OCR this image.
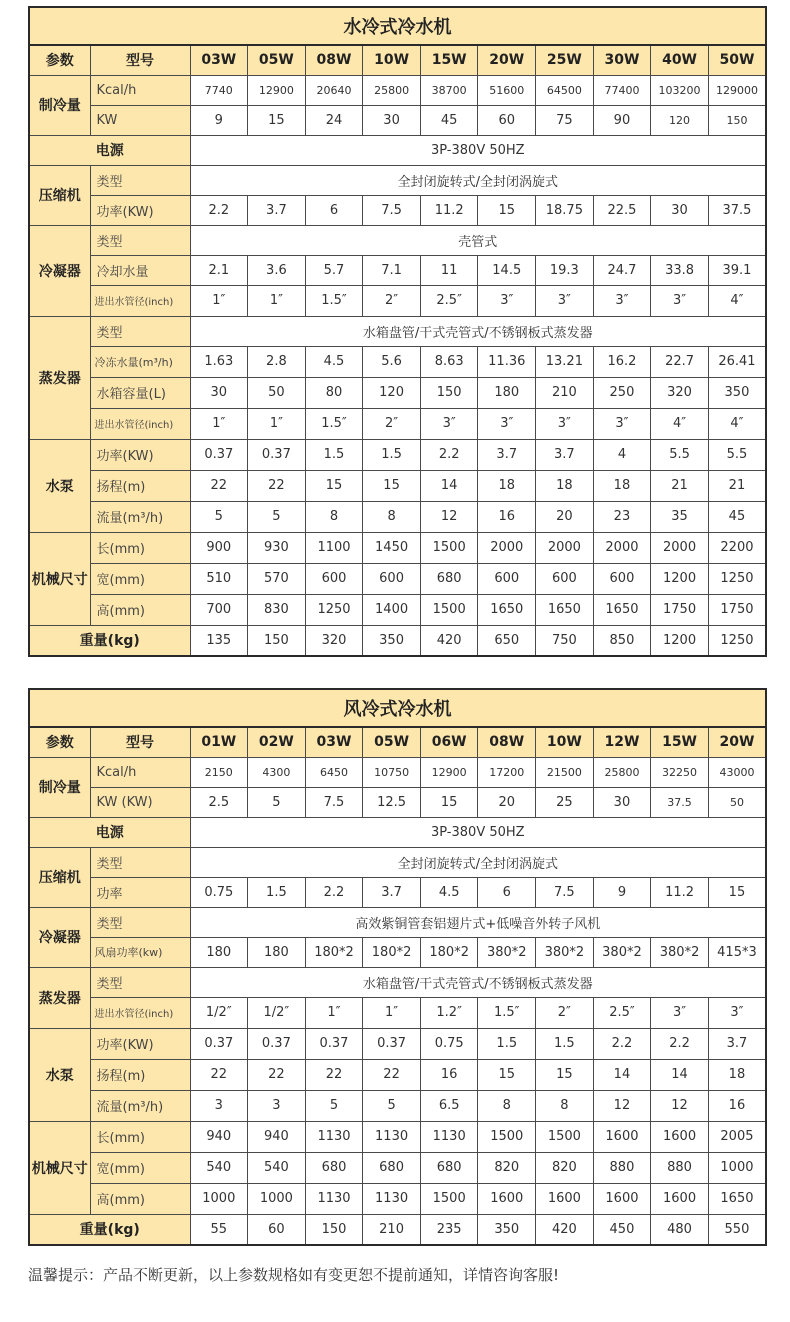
水冷式冷水机											
参数	型号	03W	05W	08W	10W	15W	20W	25W	30W	40W	50W
制冷量	Kcal/h	7740	12900	20640	25800	38700	51600	64500	77400	103200	129000
	KW	9	15	24	30	45	60	75	90	120	150
电源		3P-380V 50HZ									
压缩机	类型	全封闭旋转式/全封闭涡旋式									
	功率(KW)	2.2	3.7	6	7.5	11.2	15	18.75	22.5	30	37.5
冷凝器	类型	壳管式									
	冷却水量	2.1	3.6	5.7	7.1	11	14.5	19.3	24.7	33.8	39.1
	进出水管径(inch)	1″	1″	1.5″	2″	2.5″	3″	3″	3″	3″	4″
蒸发器	类型	水箱盘管/干式壳管式/不锈钢板式蒸发器									
	冷冻水量(m³/h)	1.63	2.8	4.5	5.6	8.63	11.36	13.21	16.2	22.7	26.41
	水箱容量(L)	30	50	80	120	150	180	210	250	320	350
	进出水管径(inch)	1″	1″	1.5″	2″	3″	3″	3″	3″	4″	4″
水泵	功率(KW)	0.37	0.37	1.5	1.5	2.2	3.7	3.7	4	5.5	5.5
	扬程(m)	22	22	15	15	14	18	18	18	21	21
	流量(m³/h)	5	5	8	8	12	16	20	23	35	45
机械尺寸	长(mm)	900	930	1100	1450	1500	2000	2000	2000	2000	2200
	宽(mm)	510	570	600	600	680	600	600	600	1200	1250
	高(mm)	700	830	1250	1400	1500	1650	1650	1650	1750	1750
重量(kg)		135	150	320	350	420	650	750	850	1200	1250
风冷式冷水机											
参数	型号	01W	02W	03W	05W	06W	08W	10W	12W	15W	20W
制冷量	Kcal/h	2150	4300	6450	10750	12900	17200	21500	25800	32250	43000
	KW (KW)	2.5	5	7.5	12.5	15	20	25	30	37.5	50
电源		3P-380V 50HZ									
压缩机	类型	全封闭旋转式/全封闭涡旋式									
	功率	0.75	1.5	2.2	3.7	4.5	6	7.5	9	11.2	15
冷凝器	类型	高效紫铜管套铝翅片式+低噪音外转子风机									
	风扇功率(kw)	180	180	180*2	180*2	180*2	380*2	380*2	380*2	380*2	415*3
蒸发器	类型	水箱盘管/干式壳管式/不锈钢板式蒸发器									
	进出水管径(inch)	1/2″	1/2″	1″	1″	1.2″	1.5″	2″	2.5″	3″	3″
水泵	功率(KW)	0.37	0.37	0.37	0.37	0.75	1.5	1.5	2.2	2.2	3.7
	扬程(m)	22	22	22	22	16	15	15	14	14	18
	流量(m³/h)	3	3	5	5	6.5	8	8	12	12	16
机械尺寸	长(mm)	940	940	1130	1130	1130	1500	1500	1600	1600	2005
	宽(mm)	540	540	680	680	680	820	820	880	880	1000
	高(mm)	1000	1000	1130	1130	1500	1600	1600	1600	1600	1650
重量(kg)		55	60	150	210	235	350	420	450	480	550
温馨提示：产品不断更新，以上参数规格如有变更恕不提前通知，详情咨询客服!
